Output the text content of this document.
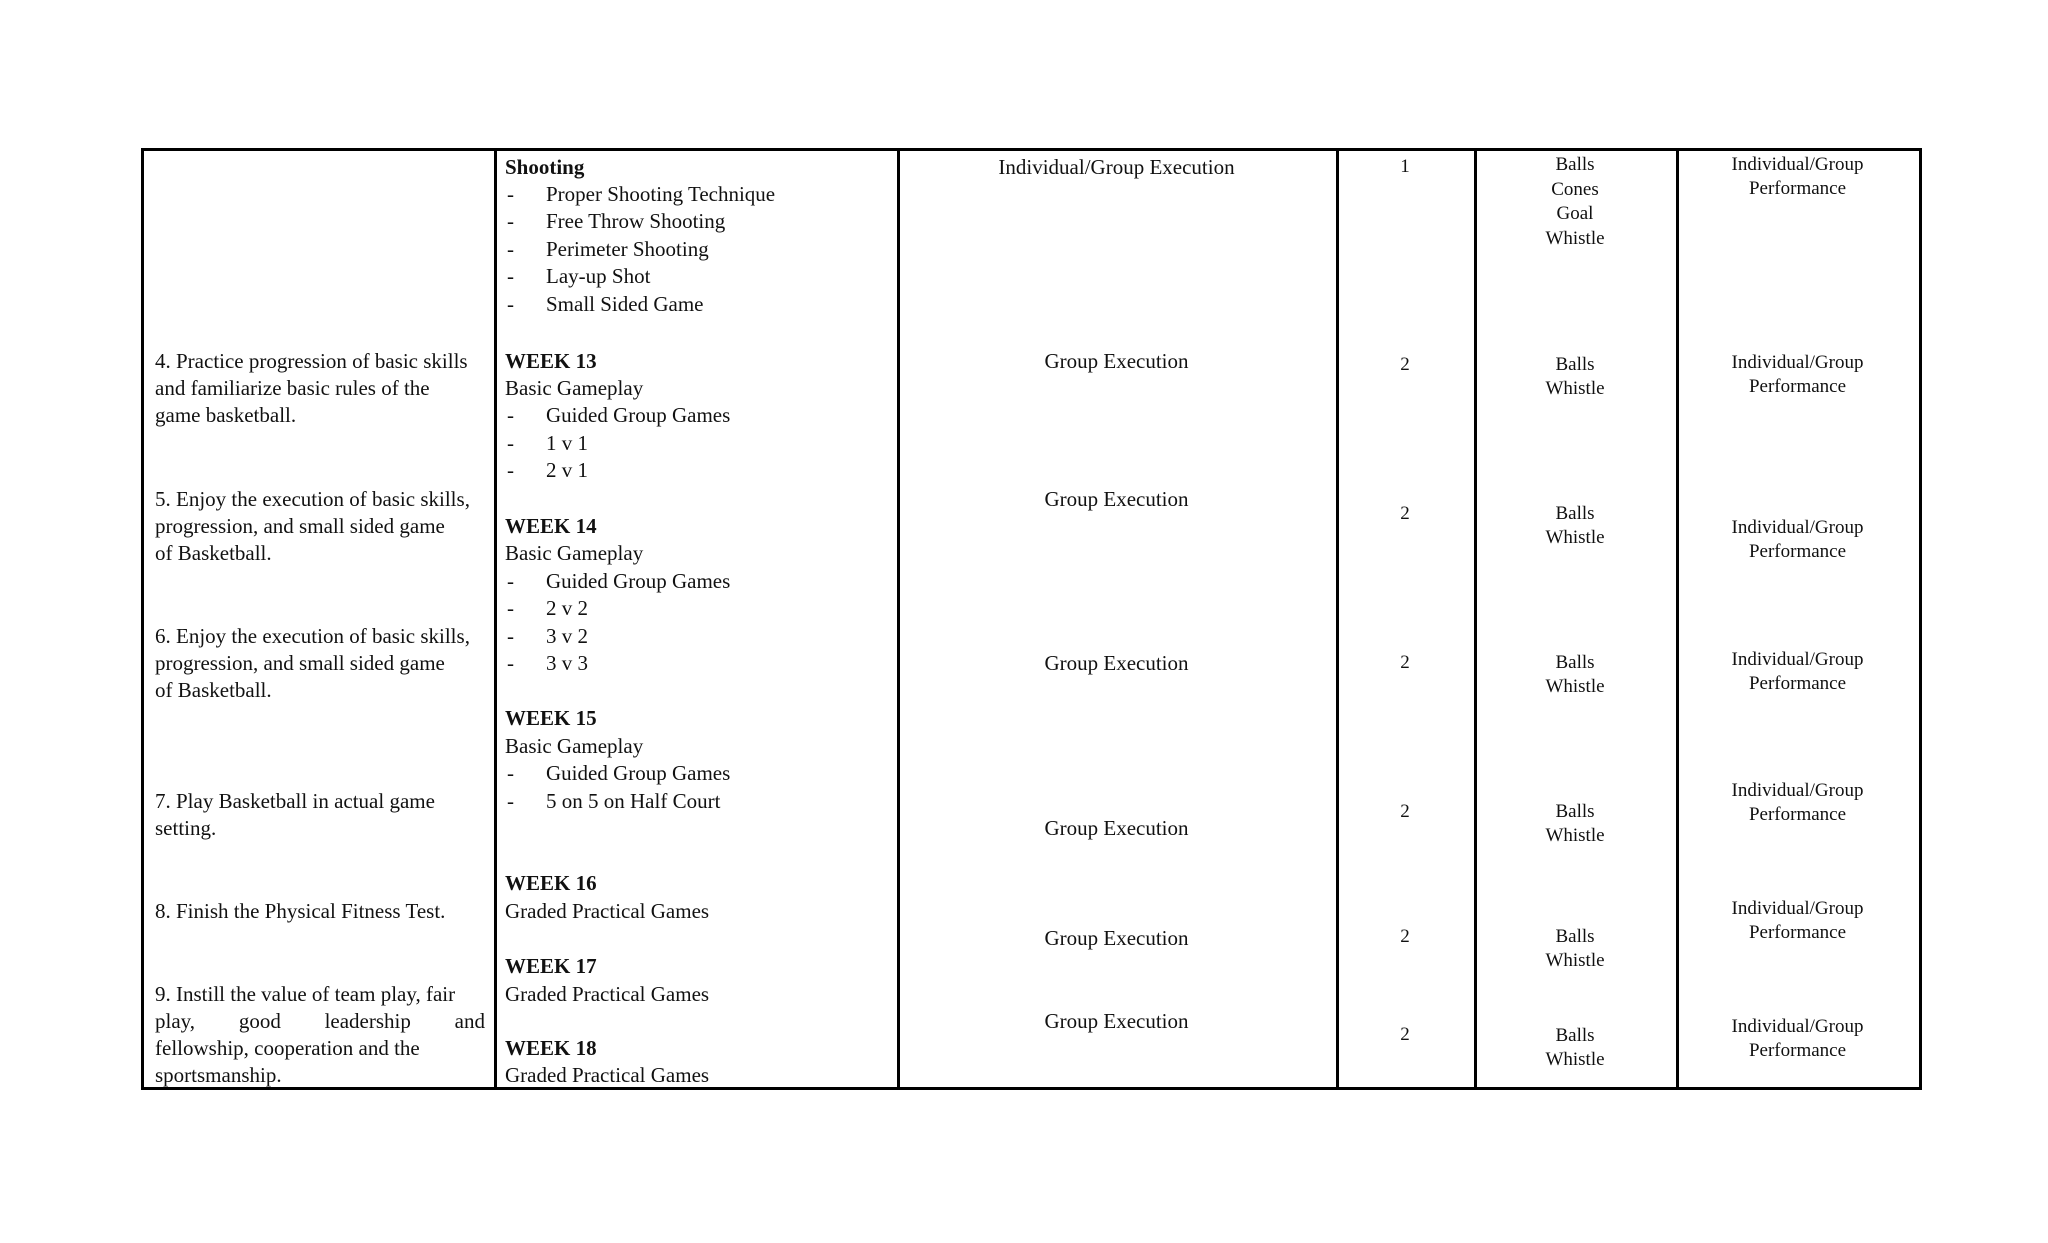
4. Practice progression of basic skills
and familiarize basic rules of the
game basketball.
5. Enjoy the execution of basic skills,
progression, and small sided game
of Basketball.
6. Enjoy the execution of basic skills,
progression, and small sided game
of Basketball.
7. Play Basketball in actual game
setting.
8. Finish the Physical Fitness Test.
9. Instill the value of team play, fair
play, good leadership and
fellowship, cooperation and the
sportsmanship.
Shooting
- Proper Shooting Technique
- Free Throw Shooting
- Perimeter Shooting
- Lay-up Shot
- Small Sided Game
WEEK 13
Basic Gameplay
- Guided Group Games
- 1 v 1
- 2 v 1
WEEK 14
Basic Gameplay
- Guided Group Games
- 2 v 2
- 3 v 2
- 3 v 3
WEEK 15
Basic Gameplay
- Guided Group Games
- 5 on 5 on Half Court
WEEK 16
Graded Practical Games
WEEK 17
Graded Practical Games
WEEK 18
Graded Practical Games
Individual/Group Execution
Group Execution
Group Execution
Group Execution
Group Execution
Group Execution
Group Execution
1
2
2
2
2
2
2
Balls
Cones
Goal
Whistle
Balls
Whistle
Balls
Whistle
Balls
Whistle
Balls
Whistle
Balls
Whistle
Balls
Whistle
Individual/Group
Performance
Individual/Group
Performance
Individual/Group
Performance
Individual/Group
Performance
Individual/Group
Performance
Individual/Group
Performance
Individual/Group
Performance
